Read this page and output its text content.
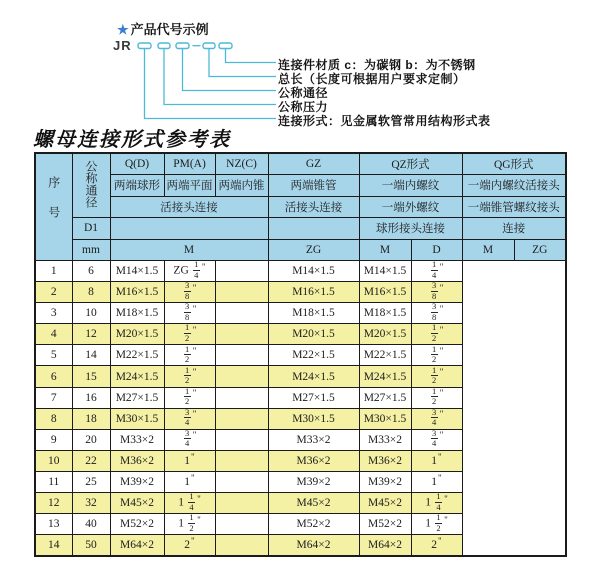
★ 产品代号示例
JR
连接件材质 c：为碳钢 b：为不锈钢
总长（长度可根据用户要求定制）
公称通径
公称压力
连接形式：见金属软管常用结构形式表
螺母连接形式参考表
序号	公称通径	Q(D)	PM(A)	NZ(C)	GZ	QZ形式		QG形式	
		两端球形	两端平面	两端内锥	两端锥管	一端内螺纹		一端内螺纹活接头	
		活接头连接			活接头连接	一端外螺纹		一端锥管螺纹接头	
	D1					球形接头连接		连接	
	mm	M			ZG	M	D	M	ZG
1	6	M14×1.5	ZG $\frac{1}{4} ^"$		M14×1.5	M14×1.5	$\frac{1}{4} ^"$
2	8	M16×1.5	$\frac{3}{8} ^"$		M16×1.5	M16×1.5	$\frac{3}{8} ^"$
3	10	M18×1.5	$\frac{3}{8} ^"$		M18×1.5	M18×1.5	$\frac{3}{8} ^"$
4	12	M20×1.5	$\frac{1}{2} ^"$		M20×1.5	M20×1.5	$\frac{1}{2} ^"$
5	14	M22×1.5	$\frac{1}{2} ^"$		M22×1.5	M22×1.5	$\frac{1}{2} ^"$
6	15	M24×1.5	$\frac{1}{2} ^"$		M24×1.5	M24×1.5	$\frac{1}{2} ^"$
7	16	M27×1.5	$\frac{1}{2} ^"$		M27×1.5	M27×1.5	$\frac{1}{2} ^"$
8	18	M30×1.5	$\frac{3}{4} ^"$		M30×1.5	M30×1.5	$\frac{3}{4} ^"$
9	20	M33×2	$\frac{3}{4} ^"$		M33×2	M33×2	$\frac{3}{4} ^"$
10	22	M36×2	1"		M36×2	M36×2	1"
11	25	M39×2	1"		M39×2	M39×2	1"
12	32	M45×2	$1 \frac{1}{4} ^"$		M45×2	M45×2	$1 \frac{1}{4} ^"$
13	40	M52×2	$1 \frac{1}{2} ^"$		M52×2	M52×2	$1 \frac{1}{2} ^"$
14	50	M64×2	2"		M64×2	M64×2	2"
